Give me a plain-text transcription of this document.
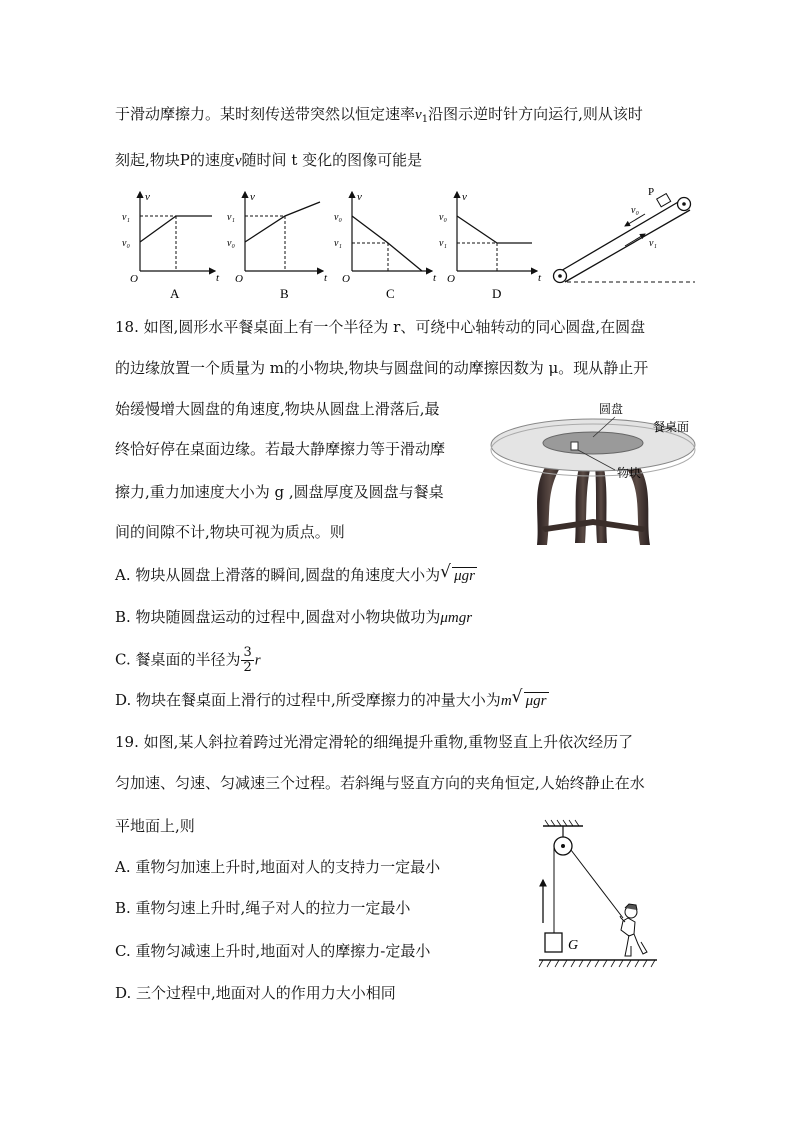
于滑动摩擦力。某时刻传送带突然以恒定速率$v_1$沿图示逆时针方向运行,则从该时
刻起,物块P的速度v随时间 t 变化的图像可能是
v
t
O
v₁
v₀
A
v
t
O
v₁
v₀
B
v
t
O
v₀
v₁
C
v
t
O
v₀
v₁
D
P
v₀
v₁
18. 如图,圆形水平餐桌面上有一个半径为 r、可绕中心轴转动的同心圆盘,在圆盘
的边缘放置一个质量为 m的小物块,物块与圆盘间的动摩擦因数为 μ。现从静止开
始缓慢增大圆盘的角速度,物块从圆盘上滑落后,最
终恰好停在桌面边缘。若最大静摩擦力等于滑动摩
擦力,重力加速度大小为 g ,圆盘厚度及圆盘与餐桌
间的间隙不计,物块可视为质点。则
圆盘
餐桌面
物块
A. 物块从圆盘上滑落的瞬间,圆盘的角速度大小为 √ μgr
B. 物块随圆盘运动的过程中,圆盘对小物块做功为μmgr
C. 餐桌面的半径为 $\frac{3}{2}$ r
D. 物块在餐桌面上滑行的过程中,所受摩擦力的冲量大小为m √ μgr
19. 如图,某人斜拉着跨过光滑定滑轮的细绳提升重物,重物竖直上升依次经历了
匀加速、匀速、匀减速三个过程。若斜绳与竖直方向的夹角恒定,人始终静止在水
平地面上,则
A. 重物匀加速上升时,地面对人的支持力一定最小
B. 重物匀速上升时,绳子对人的拉力一定最小
C. 重物匀减速上升时,地面对人的摩擦力-定最小
D. 三个过程中,地面对人的作用力大小相同
G
